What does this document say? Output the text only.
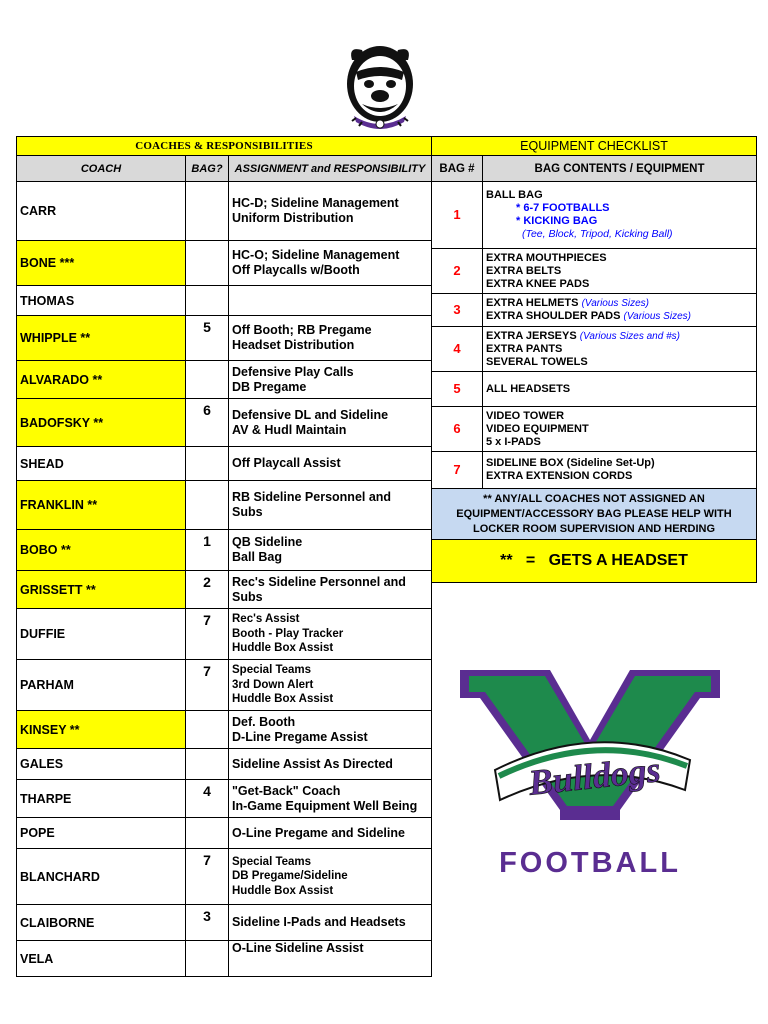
COACHES & RESPONSIBILITIES		
COACH	BAG?	ASSIGNMENT and RESPONSIBILITY
CARR		HC-D; Sideline Management
Uniform Distribution

BONE ***		HC-O; Sideline Management
Off Playcalls w/Booth

THOMAS		
WHIPPLE **	5	Off Booth; RB Pregame
Headset Distribution

ALVARADO **		Defensive Play Calls
DB Pregame

BADOFSKY **	6	Defensive DL and Sideline
AV & Hudl Maintain

SHEAD		Off Playcall Assist

FRANKLIN **		RB Sideline Personnel and
Subs

BOBO **	1	QB Sideline
Ball Bag

GRISSETT **	2	Rec's Sideline Personnel and
Subs

DUFFIE	7	Rec's Assist
Booth - Play Tracker
Huddle Box Assist

PARHAM	7	Special Teams
3rd Down Alert
Huddle Box Assist

KINSEY **		Def. Booth
D-Line Pregame Assist

GALES		Sideline Assist As Directed

THARPE	4	"Get-Back" Coach
In-Game Equipment Well Being

POPE		O-Line Pregame and Sideline

BLANCHARD	7	Special Teams
DB Pregame/Sideline
Huddle Box Assist

CLAIBORNE	3	Sideline I-Pads and Headsets

VELA		O-Line Sideline Assist
EQUIPMENT CHECKLIST	
BAG #	BAG CONTENTS / EQUIPMENT
1	BALL BAG
* 6-7 FOOTBALLS
* KICKING BAG
(Tee, Block, Tripod, Kicking Ball)

2	EXTRA MOUTHPIECES
EXTRA BELTS
EXTRA KNEE PADS

3	EXTRA HELMETS (Various Sizes)
EXTRA SHOULDER PADS (Various Sizes)

4	EXTRA JERSEYS (Various Sizes and #s)
EXTRA PANTS
SEVERAL TOWELS

5	ALL HEADSETS

6	VIDEO TOWER
VIDEO EQUIPMENT
5 x I-PADS

7	SIDELINE BOX (Sideline Set-Up)
EXTRA EXTENSION CORDS

** ANY/ALL COACHES NOT ASSIGNED AN
EQUIPMENT/ACCESSORY BAG PLEASE HELP WITH
LOCKER ROOM SUPERVISION AND HERDING	

**   =   GETS A HEADSET	
Bulldogs
FOOTBALL
